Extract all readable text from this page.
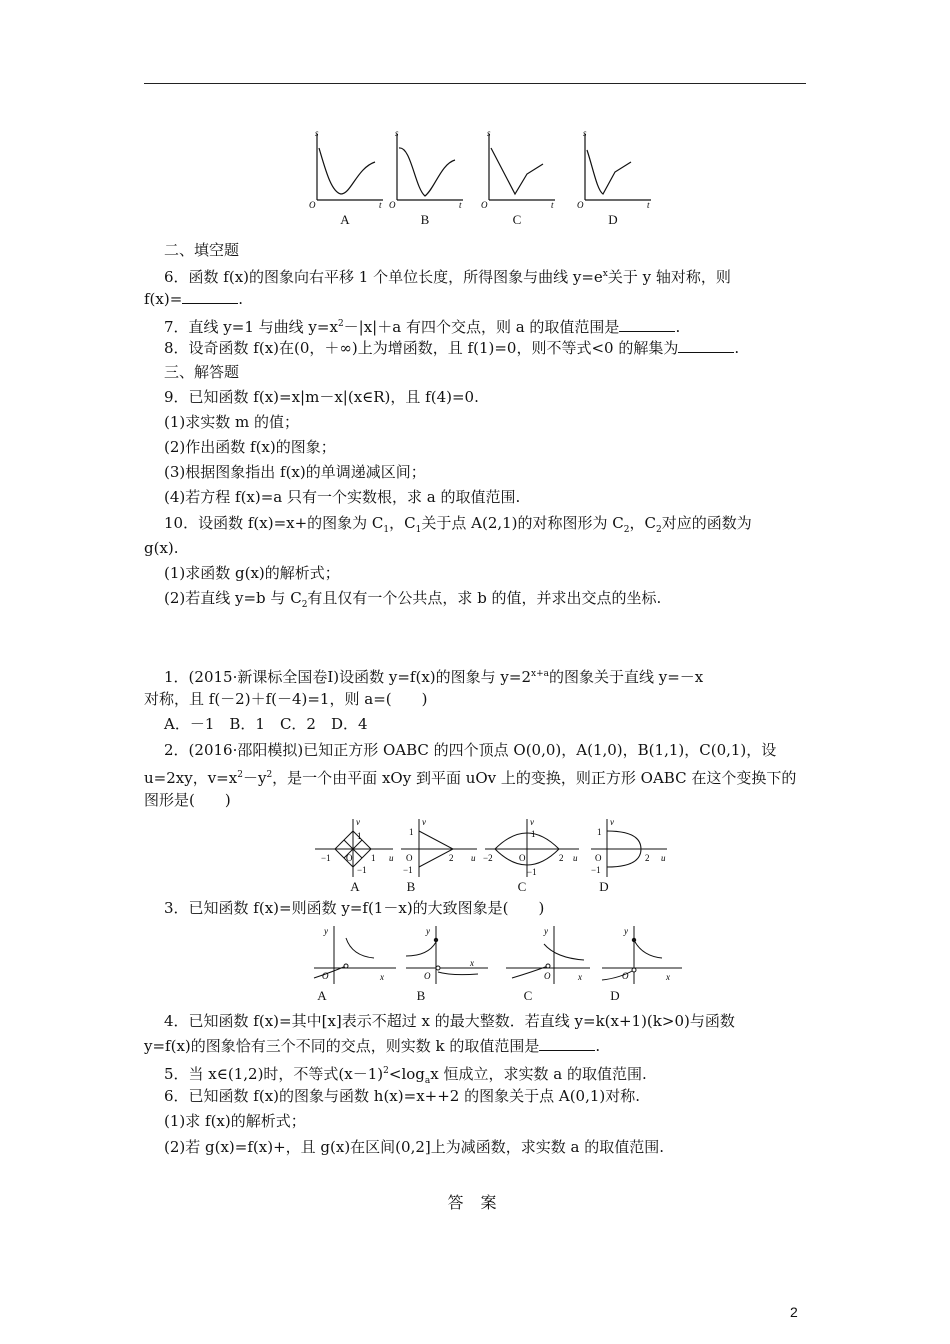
s
O	t
A
s
O	t
B
s
O	t
C
s
O	t
D
二、填空题
6．函数 f(x)的图象向右平移 1 个单位长度，所得图象与曲线 $y=e^x$关于 y 轴对称，则
f(x)=	.
7．直线 y=1 与曲线 $y=x^2-|x|+a$ 有四个交点，则 a 的取值范围是	.
8．设奇函数 f(x)在(0，＋∞)上为增函数，且 f(1)=0，则不等式<0 的解集为	.
三、解答题
9．已知函数 f(x)=x|m－x|(x∈R)，且 f(4)=0.
(1)求实数 m 的值；
(2)作出函数 f(x)的图象；
(3)根据图象指出 f(x)的单调递减区间；
(4)若方程 f(x)=a 只有一个实数根，求 a 的取值范围.
10．设函数 f(x)=x+的图象为 $C_1$，$C_1$关于点 A(2,1)的对称图形为 $C_2$，$C_2$对应的函数为
g(x).
(1)求函数 g(x)的解析式；
(2)若直线 y=b 与 $C_2$有且仅有一个公共点，求 b 的值，并求出交点的坐标.
1．(2015·新课标全国卷Ⅰ)设函数 y=f(x)的图象与 $y=2^{x+a}$的图象关于直线 y=－x
对称，且 f(－2)＋f(－4)=1，则 a=(　　)
A．－1　B．1　C．2　D．4
2．(2016·邵阳模拟)已知正方形 OABC 的四个顶点 O(0,0)，A(1,0)，B(1,1)，C(0,1)，设
u=2xy，$v=x^2-y^2$，是一个由平面 xOy 到平面 uOv 上的变换，则正方形 OABC 在这个变换下的
图形是(　　)
v
u
1
−1 O 1
−1
A
v
u
1
O	2
−1
B
v
u
1
−2	O	2
−1
C
v
u
1
O	2
−1
D
3．已知函数 f(x)=则函数 y=f(1－x)的大致图象是(　　)
y
O	x
A
y
O
x
B
y
O	x
C
y
O	x
D
4．已知函数 f(x)=其中[x]表示不超过 x 的最大整数．若直线 y=k(x+1)(k>0)与函数
y=f(x)的图象恰有三个不同的交点，则实数 k 的取值范围是	.
5．当 x∈(1,2)时，不等式$(x-1)^2<\log_ax$ 恒成立，求实数 a 的取值范围.
6．已知函数 f(x)的图象与函数 h(x)=x++2 的图象关于点 A(0,1)对称.
(1)求 f(x)的解析式；
(2)若 g(x)=f(x)+，且 g(x)在区间(0,2]上为减函数，求实数 a 的取值范围.
答 案
2
